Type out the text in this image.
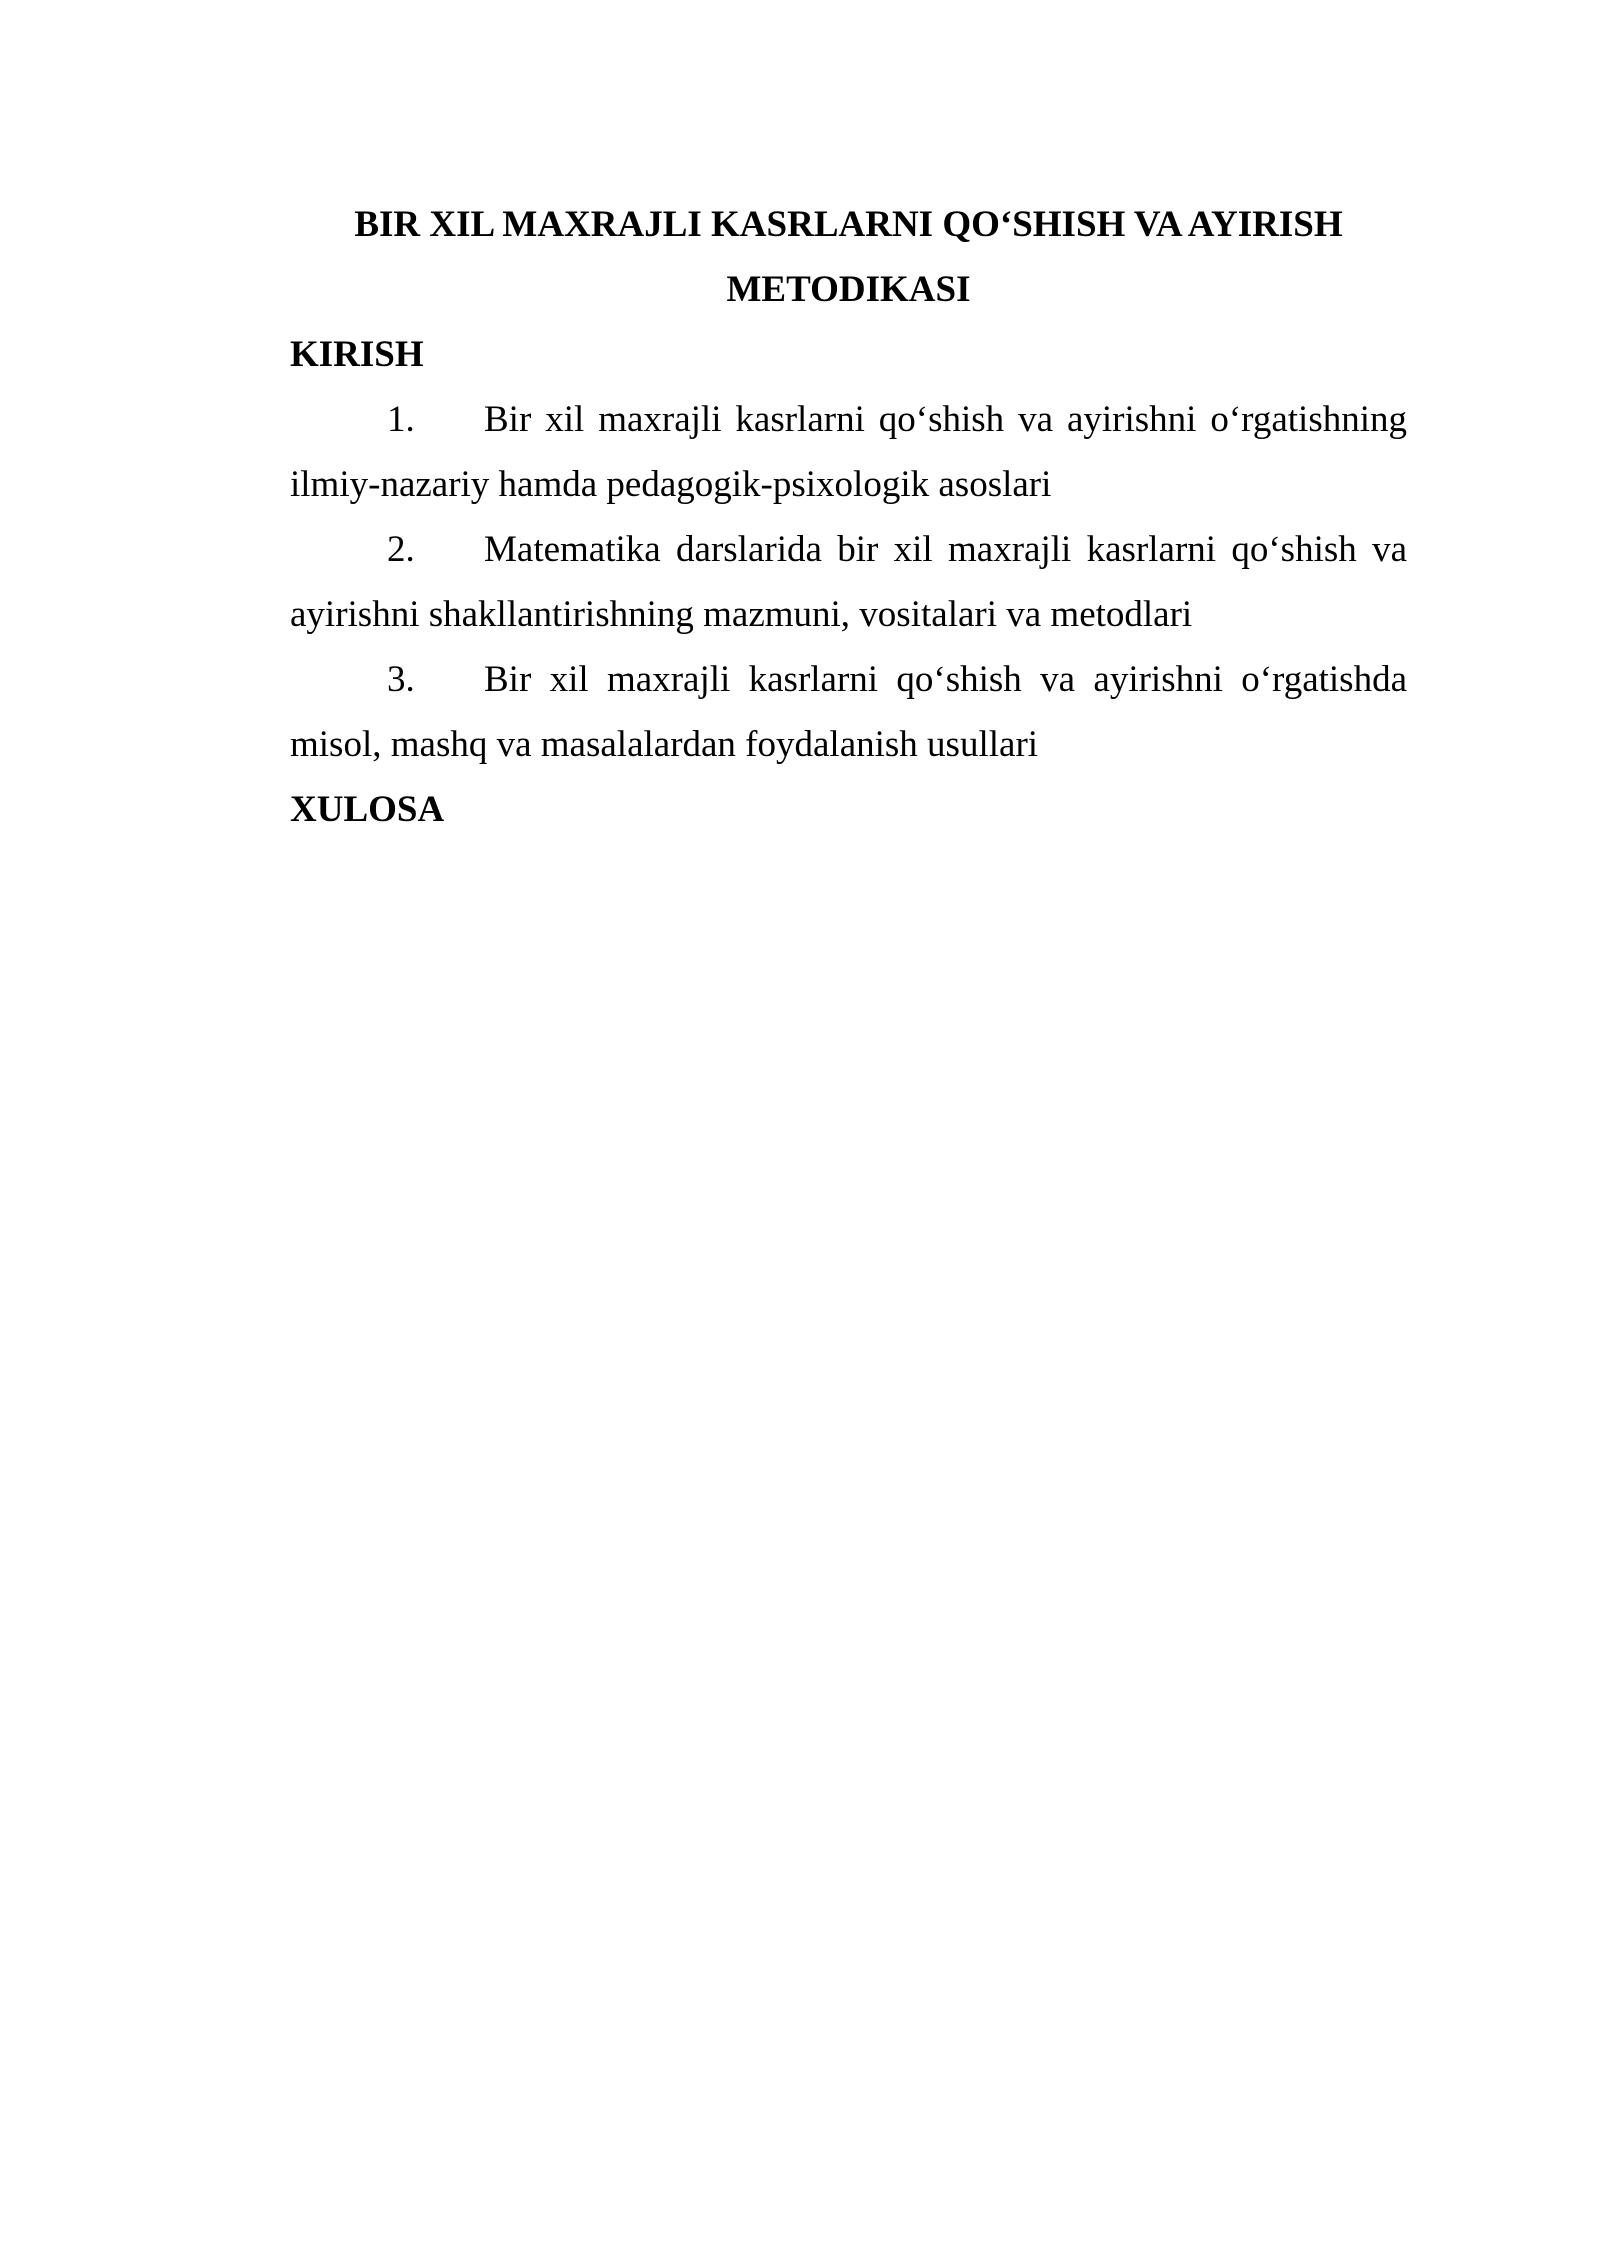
BIR XIL MAXRAJLI KASRLARNI QO‘SHISH VA AYIRISH
METODIKASI

KIRISH

1. Bir xil maxrajli kasrlarni qo‘shish va ayirishni o‘rgatishning ilmiy-nazariy hamda pedagogik-psixologik asoslari

2. Matematika darslarida bir xil maxrajli kasrlarni qo‘shish va ayirishni shakllantirishning mazmuni, vositalari va metodlari

3. Bir xil maxrajli kasrlarni qo‘shish va ayirishni o‘rgatishda misol, mashq va masalalardan foydalanish usullari

XULOSA
